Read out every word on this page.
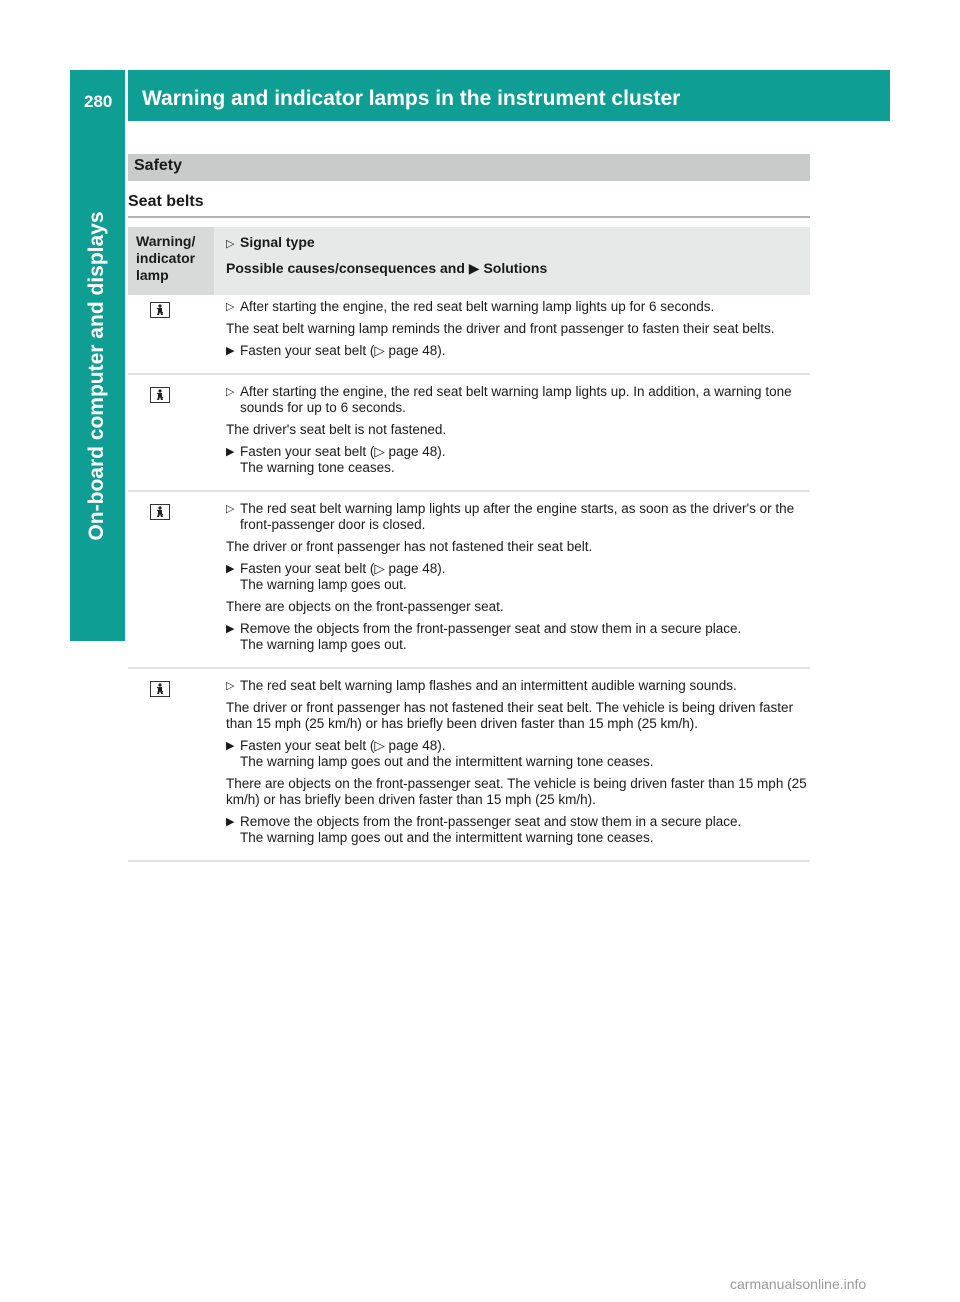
280 Warning and indicator lamps in the instrument cluster
On-board computer and displays
Safety
Seat belts
Warning/ indicator lamp
▷ Signal type
Possible causes/consequences and ▶ Solutions
▷ After starting the engine, the red seat belt warning lamp lights up for 6 seconds.
The seat belt warning lamp reminds the driver and front passenger to fasten their seat belts.
▶ Fasten your seat belt (▷ page 48).
▷ After starting the engine, the red seat belt warning lamp lights up. In addition, a warning tone sounds for up to 6 seconds.
The driver's seat belt is not fastened.
▶ Fasten your seat belt (▷ page 48).
The warning tone ceases.
▷ The red seat belt warning lamp lights up after the engine starts, as soon as the driver's or the front-passenger door is closed.
The driver or front passenger has not fastened their seat belt.
▶ Fasten your seat belt (▷ page 48).
The warning lamp goes out.
There are objects on the front-passenger seat.
▶ Remove the objects from the front-passenger seat and stow them in a secure place.
The warning lamp goes out.
▷ The red seat belt warning lamp flashes and an intermittent audible warning sounds.
The driver or front passenger has not fastened their seat belt. The vehicle is being driven faster than 15 mph (25 km/h) or has briefly been driven faster than 15 mph (25 km/h).
▶ Fasten your seat belt (▷ page 48).
The warning lamp goes out and the intermittent warning tone ceases.
There are objects on the front-passenger seat. The vehicle is being driven faster than 15 mph (25 km/h) or has briefly been driven faster than 15 mph (25 km/h).
▶ Remove the objects from the front-passenger seat and stow them in a secure place.
The warning lamp goes out and the intermittent warning tone ceases.
carmanualsonline.info
